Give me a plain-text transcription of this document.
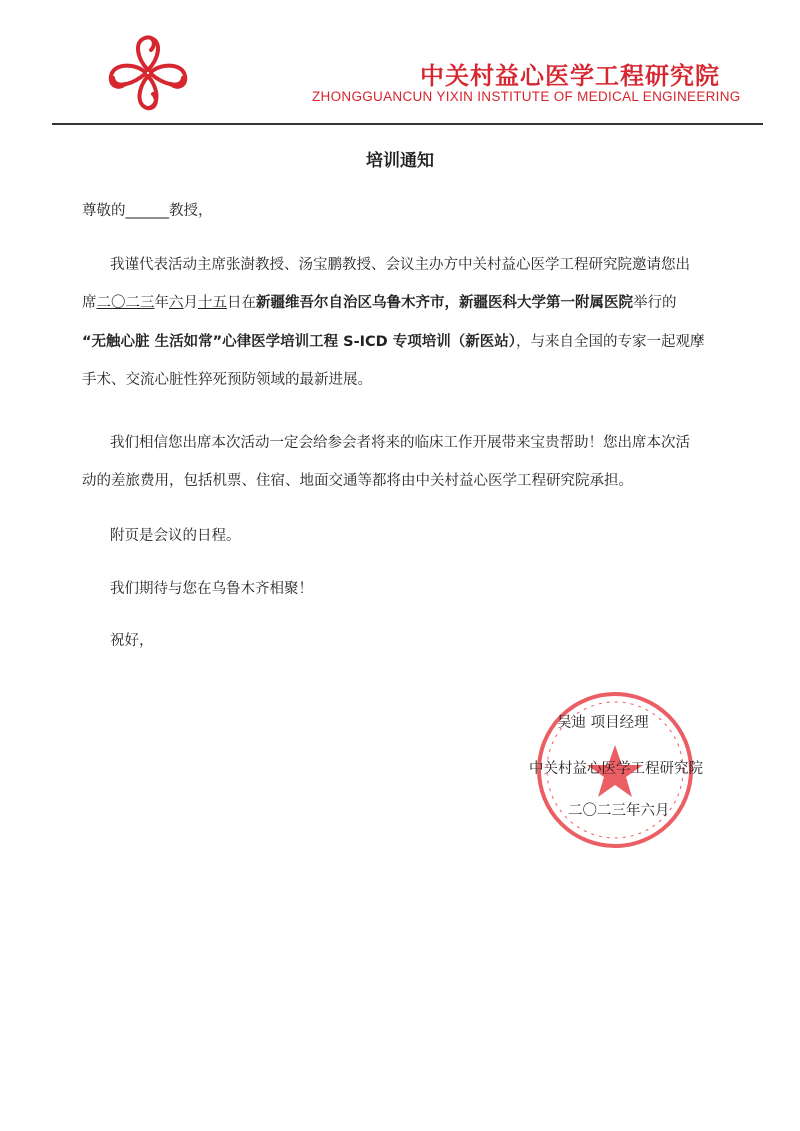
中关村益心医学工程研究院
ZHONGGUANCUN YIXIN INSTITUTE OF MEDICAL ENGINEERING
培训通知
尊敬的______教授，
我谨代表活动主席张澍教授、汤宝鹏教授、会议主办方中关村益心医学工程研究院邀请您出
席二〇二三年六月十五日在新疆维吾尔自治区乌鲁木齐市，新疆医科大学第一附属医院举行的
“无触心脏 生活如常”心律医学培训工程 S-ICD 专项培训（新医站），与来自全国的专家一起观摩
手术、交流心脏性猝死预防领域的最新进展。
我们相信您出席本次活动一定会给参会者将来的临床工作开展带来宝贵帮助！您出席本次活
动的差旅费用，包括机票、住宿、地面交通等都将由中关村益心医学工程研究院承担。
附页是会议的日程。
我们期待与您在乌鲁木齐相聚！
祝好，
吴迪 项目经理
中关村益心医学工程研究院
二〇二三年六月
